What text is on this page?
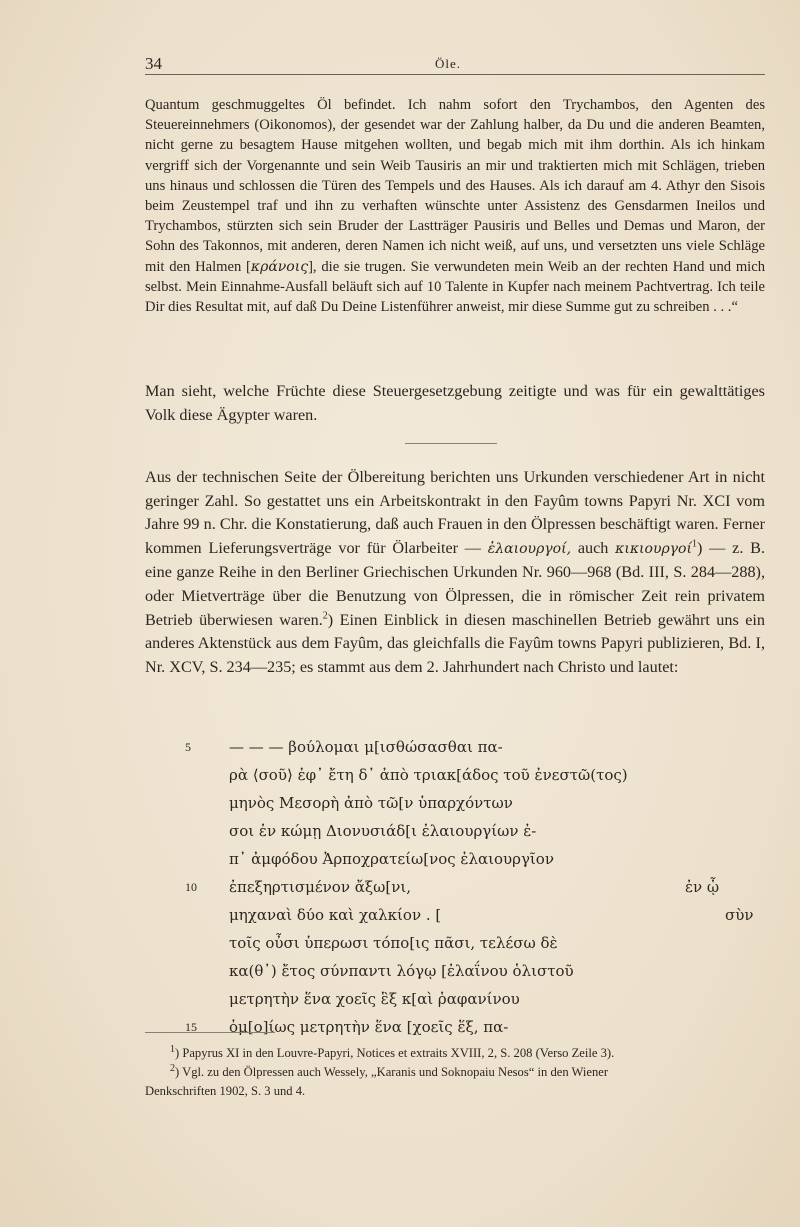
34	Öle.

Quantum geschmuggeltes Öl befindet. Ich nahm sofort den Trychambos, den Agenten des Steuereinnehmers (Oikonomos), der gesendet war der Zahlung halber, da Du und die anderen Beamten, nicht gerne zu besagtem Hause mitgehen wollten, und begab mich mit ihm dorthin. Als ich hinkam vergriff sich der Vorgenannte und sein Weib Tausiris an mir und traktierten mich mit Schlägen, trieben uns hinaus und schlossen die Türen des Tempels und des Hauses. Als ich darauf am 4. Athyr den Sisois beim Zeustempel traf und ihn zu verhaften wünschte unter Assistenz des Gensdarmen Ineilos und Trychambos, stürzten sich sein Bruder der Lastträger Pausiris und Belles und Demas und Maron, der Sohn des Takonnos, mit anderen, deren Namen ich nicht weiß, auf uns, und versetzten uns viele Schläge mit den Halmen [κράνοις], die sie trugen. Sie verwundeten mein Weib an der rechten Hand und mich selbst. Mein Einnahme-Ausfall beläuft sich auf 10 Talente in Kupfer nach meinem Pachtvertrag. Ich teile Dir dies Resultat mit, auf daß Du Deine Listenführer anweist, mir diese Summe gut zu schreiben . . .“

Man sieht, welche Früchte diese Steuergesetzgebung zeitigte und was für ein gewalttätiges Volk diese Ägypter waren.

Aus der technischen Seite der Ölbereitung berichten uns Urkunden verschiedener Art in nicht geringer Zahl. So gestattet uns ein Arbeitskontrakt in den Fayûm towns Papyri Nr. XCI vom Jahre 99 n. Chr. die Konstatierung, daß auch Frauen in den Ölpressen beschäftigt waren. Ferner kommen Lieferungsverträge vor für Ölarbeiter — ἐλαιουργοί, auch κικιουργοί$^1$) — z. B. eine ganze Reihe in den Berliner Griechischen Urkunden Nr. 960—968 (Bd. III, S. 284—288), oder Mietverträge über die Benutzung von Ölpressen, die in römischer Zeit rein privatem Betrieb überwiesen waren.$^2$) Einen Einblick in diesen maschinellen Betrieb gewährt uns ein anderes Aktenstück aus dem Fayûm, das gleichfalls die Fayûm towns Papyri publizieren, Bd. I, Nr. XCV, S. 234—235; es stammt aus dem 2. Jahrhundert nach Christo und lautet:

5	— — — βούλομαι μ[ισθώσασθαι πα-
ρὰ ⟨σοῦ⟩ ἐφ᾽ ἔτη δ᾽ ἀπὸ τριακ[άδος τοῦ ἐνεστῶ(τος)
μηνὸς Μεσορὴ ἀπὸ τῶ[ν ὑπαρχόντων
σοι ἐν κώμῃ Διονυσιάδ[ι ἐλαιουργίων ἐ-
π᾽ ἀμφόδου Ἀρποχρατείω[νος ἐλαιουργῖον
10	ἐπεξηρτισμένον ἄξω[νι,	ἐν ᾧ
μηχαναὶ δύο καὶ χαλκίον . [	σὺν
τοῖς οὖσι ὑπερωσι τόπο[ις πᾶσι, τελέσω δὲ
κα(θ᾽) ἔτος σύνπαντι λόγῳ [ἐλαΐνου ὁλιστοῦ
μετρητὴν ἕνα χοεῖς ἓξ κ[αὶ ῥαφανίνου
15	ὁμ[ο]ίως μετρητὴν ἕνα [χοεῖς ἕξ, πα-

$^1$) Papyrus XI in den Louvre-Papyri, Notices et extraits XVIII, 2, S. 208 (Verso Zeile 3).

$^2$) Vgl. zu den Ölpressen auch Wessely, „Karanis und Soknopaiu Nesos“ in den Wiener

Denkschriften 1902, S. 3 und 4.
